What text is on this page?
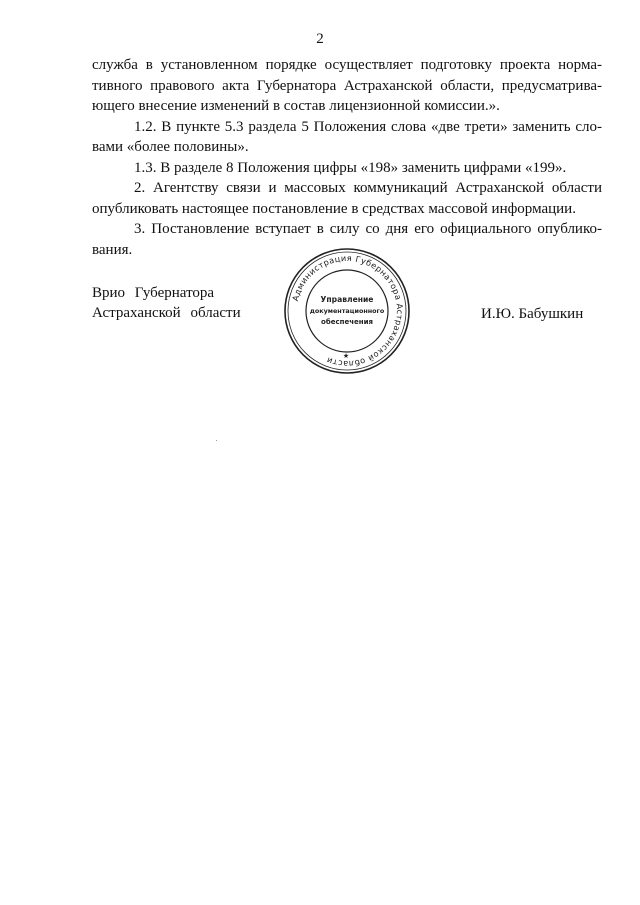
2

служба в установленном порядке осуществляет подготовку проекта нормативного правового акта Губернатора Астраханской области, предусматривающего внесение изменений в состав лицензионной комиссии.».

1.2. В пункте 5.3 раздела 5 Положения слова «две трети» заменить словами «более половины».

1.3. В разделе 8 Положения цифры «198» заменить цифрами «199».

2. Агентству связи и массовых коммуникаций Астраханской области опубликовать настоящее постановление в средствах массовой информации.

3. Постановление вступает в силу со дня его официального опубликования.

Врио Губернатора
Астраханской области	И.Ю. Бабушкин
Администрация Губернатора Астраханской области	★
Управление
документационного
обеспечения
